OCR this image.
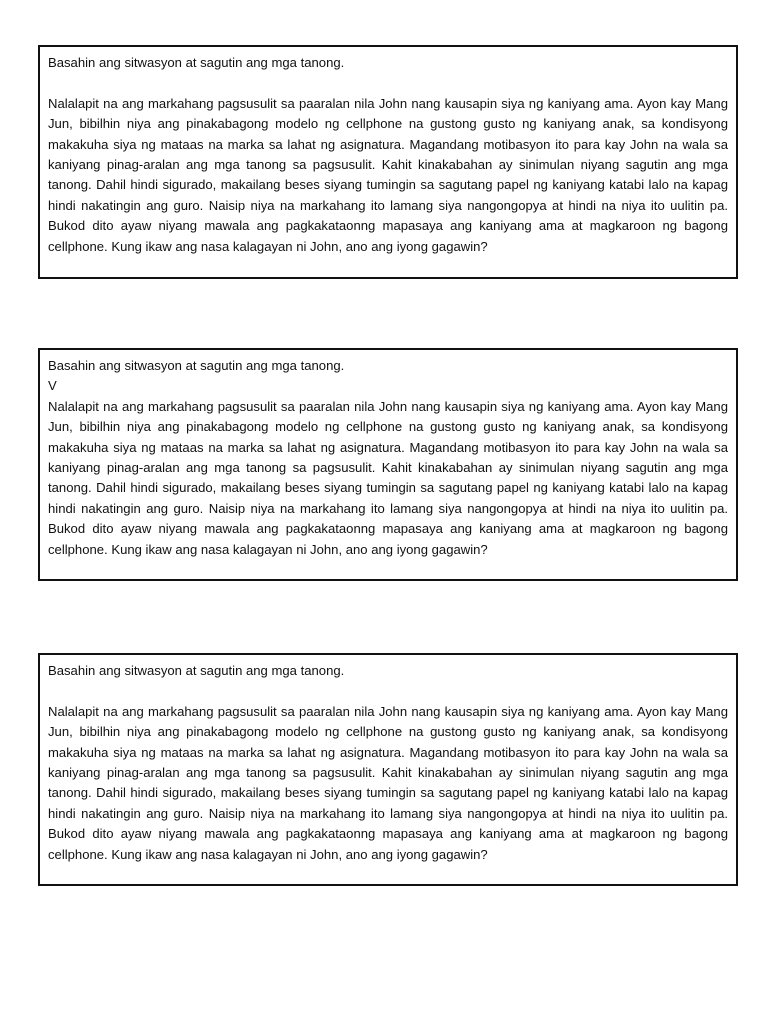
Basahin ang sitwasyon at sagutin ang mga tanong.

Nalalapit na ang markahang pagsusulit sa paaralan nila John nang kausapin siya ng kaniyang ama. Ayon kay Mang Jun, bibilhin niya ang pinakabagong modelo ng cellphone na gustong gusto ng kaniyang anak, sa kondisyong makakuha siya ng mataas na marka sa lahat ng asignatura. Magandang motibasyon ito para kay John na wala sa kaniyang pinag-aralan ang mga tanong sa pagsusulit. Kahit kinakabahan ay sinimulan niyang sagutin ang mga tanong. Dahil hindi sigurado, makailang beses siyang tumingin sa sagutang papel ng kaniyang katabi lalo na kapag hindi nakatingin ang guro. Naisip niya na markahang ito lamang siya nangongopya at hindi na niya ito uulitin pa. Bukod dito ayaw niyang mawala ang pagkakataonng mapasaya ang kaniyang ama at magkaroon ng bagong cellphone. Kung ikaw ang nasa kalagayan ni John, ano ang iyong gagawin?

Basahin ang sitwasyon at sagutin ang mga tanong.

V

Nalalapit na ang markahang pagsusulit sa paaralan nila John nang kausapin siya ng kaniyang ama. Ayon kay Mang Jun, bibilhin niya ang pinakabagong modelo ng cellphone na gustong gusto ng kaniyang anak, sa kondisyong makakuha siya ng mataas na marka sa lahat ng asignatura. Magandang motibasyon ito para kay John na wala sa kaniyang pinag-aralan ang mga tanong sa pagsusulit. Kahit kinakabahan ay sinimulan niyang sagutin ang mga tanong. Dahil hindi sigurado, makailang beses siyang tumingin sa sagutang papel ng kaniyang katabi lalo na kapag hindi nakatingin ang guro. Naisip niya na markahang ito lamang siya nangongopya at hindi na niya ito uulitin pa. Bukod dito ayaw niyang mawala ang pagkakataonng mapasaya ang kaniyang ama at magkaroon ng bagong cellphone. Kung ikaw ang nasa kalagayan ni John, ano ang iyong gagawin?

Basahin ang sitwasyon at sagutin ang mga tanong.

Nalalapit na ang markahang pagsusulit sa paaralan nila John nang kausapin siya ng kaniyang ama. Ayon kay Mang Jun, bibilhin niya ang pinakabagong modelo ng cellphone na gustong gusto ng kaniyang anak, sa kondisyong makakuha siya ng mataas na marka sa lahat ng asignatura. Magandang motibasyon ito para kay John na wala sa kaniyang pinag-aralan ang mga tanong sa pagsusulit. Kahit kinakabahan ay sinimulan niyang sagutin ang mga tanong. Dahil hindi sigurado, makailang beses siyang tumingin sa sagutang papel ng kaniyang katabi lalo na kapag hindi nakatingin ang guro. Naisip niya na markahang ito lamang siya nangongopya at hindi na niya ito uulitin pa. Bukod dito ayaw niyang mawala ang pagkakataonng mapasaya ang kaniyang ama at magkaroon ng bagong cellphone. Kung ikaw ang nasa kalagayan ni John, ano ang iyong gagawin?
